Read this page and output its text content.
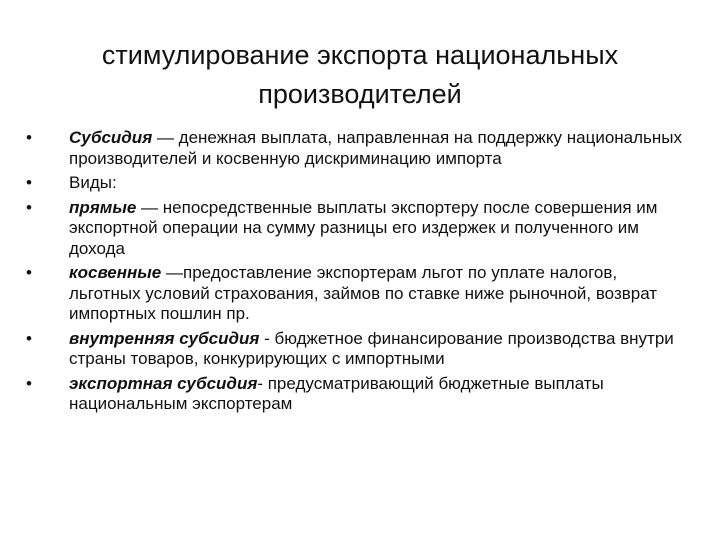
стимулирование экспорта национальных производителей
•	Субсидия — денежная выплата, направленная на поддержку национальных производителей и косвенную дискриминацию импорта
•	Виды:
•	прямые — непосредственные выплаты экспортеру после совершения им экспортной операции на сумму разницы его издержек и полученного им дохода
•	косвенные —предоставление экспортерам льгот по уплате налогов, льготных условий страхования, займов по ставке ниже рыночной, возврат импортных пошлин пр.
•	внутренняя субсидия - бюджетное финансирование производства внутри страны товаров, конкурирующих с импортными
•	экспортная субсидия- предусматривающий бюджетные выплаты национальным экспортерам
